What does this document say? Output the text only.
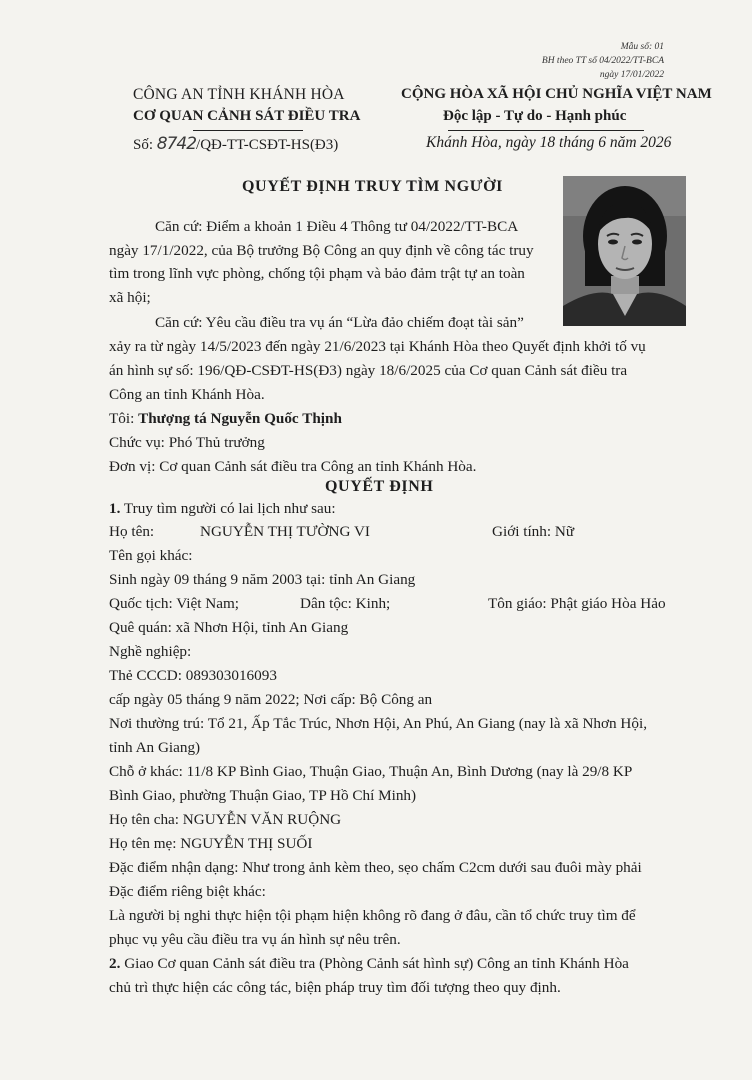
Mẫu số: 01
BH theo TT số 04/2022/TT-BCA
ngày 17/01/2022
CÔNG AN TỈNH KHÁNH HÒA
CƠ QUAN CẢNH SÁT ĐIỀU TRA
Số: 8742/QĐ-TT-CSĐT-HS(Đ3)
CỘNG HÒA XÃ HỘI CHỦ NGHĨA VIỆT NAM
Độc lập - Tự do - Hạnh phúc
Khánh Hòa, ngày 18 tháng 6 năm 2026
QUYẾT ĐỊNH TRUY TÌM NGƯỜI
Căn cứ: Điểm a khoản 1 Điều 4 Thông tư 04/2022/TT-BCA
ngày 17/1/2022, của Bộ trưởng Bộ Công an quy định về công tác truy
tìm trong lĩnh vực phòng, chống tội phạm và bảo đảm trật tự an toàn
xã hội;
Căn cứ: Yêu cầu điều tra vụ án “Lừa đảo chiếm đoạt tài sản”
xảy ra từ ngày 14/5/2023 đến ngày 21/6/2023 tại Khánh Hòa theo Quyết định khởi tố vụ
án hình sự số: 196/QĐ-CSĐT-HS(Đ3) ngày 18/6/2025 của Cơ quan Cảnh sát điều tra
Công an tỉnh Khánh Hòa.
Tôi: Thượng tá Nguyễn Quốc Thịnh
Chức vụ: Phó Thủ trưởng
Đơn vị: Cơ quan Cảnh sát điều tra Công an tỉnh Khánh Hòa.
QUYẾT ĐỊNH
1. Truy tìm người có lai lịch như sau:
Họ tên:	NGUYỄN THỊ TƯỜNG VI	Giới tính: Nữ
Tên gọi khác:
Sinh ngày 09 tháng 9 năm 2003 tại: tỉnh An Giang
Quốc tịch: Việt Nam;	Dân tộc: Kinh;	Tôn giáo: Phật giáo Hòa Hảo
Quê quán: xã Nhơn Hội, tỉnh An Giang
Nghề nghiệp:
Thẻ CCCD: 089303016093
cấp ngày 05 tháng 9 năm 2022; Nơi cấp: Bộ Công an
Nơi thường trú: Tổ 21, Ấp Tắc Trúc, Nhơn Hội, An Phú, An Giang (nay là xã Nhơn Hội,
tỉnh An Giang)
Chỗ ở khác: 11/8 KP Bình Giao, Thuận Giao, Thuận An, Bình Dương (nay là 29/8 KP
Bình Giao, phường Thuận Giao, TP Hồ Chí Minh)
Họ tên cha: NGUYỄN VĂN RUỘNG
Họ tên mẹ: NGUYỄN THỊ SUỐI
Đặc điểm nhận dạng: Như trong ảnh kèm theo, sẹo chấm C2cm dưới sau đuôi mày phải
Đặc điểm riêng biệt khác:
Là người bị nghi thực hiện tội phạm hiện không rõ đang ở đâu, cần tổ chức truy tìm để
phục vụ yêu cầu điều tra vụ án hình sự nêu trên.
2. Giao Cơ quan Cảnh sát điều tra (Phòng Cảnh sát hình sự) Công an tỉnh Khánh Hòa
chủ trì thực hiện các công tác, biện pháp truy tìm đối tượng theo quy định.
